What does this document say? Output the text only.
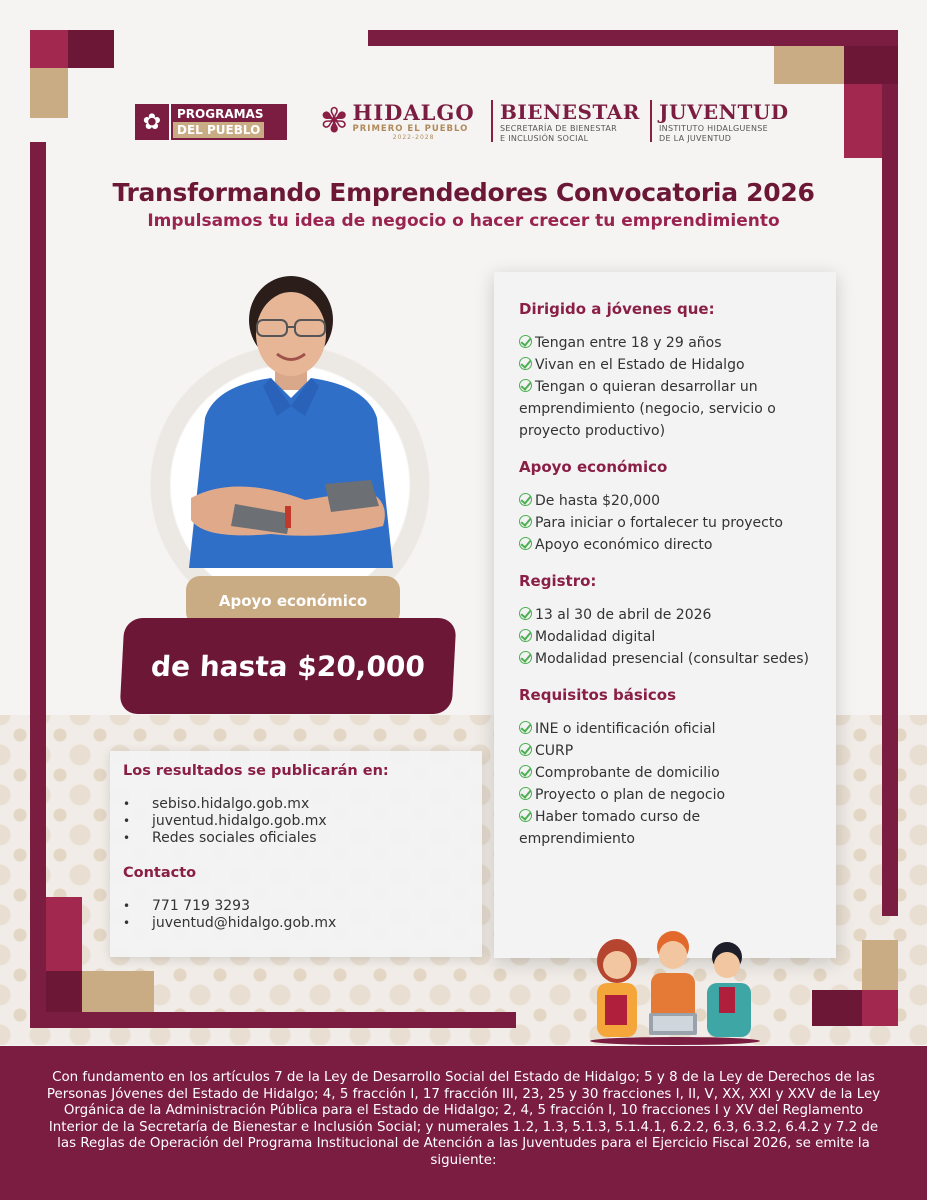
✿	PROGRAMAS
DEL PUEBLO ✾ HIDALGO
PRIMERO EL PUEBLO
2022-2028
BIENESTAR
SECRETARÍA DE BIENESTAR
E INCLUSIÓN SOCIAL
JUVENTUD
INSTITUTO HIDALGUENSE
DE LA JUVENTUD
Transformando Emprendedores Convocatoria 2026
Impulsamos tu idea de negocio o hacer crecer tu emprendimiento
Apoyo económico
de hasta $20,000
Dirigido a jóvenes que:
Tengan entre 18 y 29 años
Vivan en el Estado de Hidalgo
Tengan o quieran desarrollar un emprendimiento (negocio, servicio o proyecto productivo)
Apoyo económico
De hasta $20,000
Para iniciar o fortalecer tu proyecto
Apoyo económico directo
Registro:
13 al 30 de abril de 2026
Modalidad digital
Modalidad presencial (consultar sedes)
Requisitos básicos
INE o identificación oficial
CURP
Comprobante de domicilio
Proyecto o plan de negocio
Haber tomado curso de emprendimiento
Los resultados se publicarán en:
• sebiso.hidalgo.gob.mx
• juventud.hidalgo.gob.mx
• Redes sociales oficiales
Contacto
• 771 719 3293
• juventud@hidalgo.gob.mx

Con fundamento en los artículos 7 de la Ley de Desarrollo Social del Estado de Hidalgo; 5 y 8 de la Ley de Derechos de las Personas Jóvenes del Estado de Hidalgo; 4, 5 fracción I, 17 fracción III, 23, 25 y 30 fracciones I, II, V, XX, XXI y XXV de la Ley Orgánica de la Administración Pública para el Estado de Hidalgo; 2, 4, 5 fracción I, 10 fracciones I y XV del Reglamento Interior de la Secretaría de Bienestar e Inclusión Social; y numerales 1.2, 1.3, 5.1.3, 5.1.4.1, 6.2.2, 6.3, 6.3.2, 6.4.2 y 7.2 de las Reglas de Operación del Programa Institucional de Atención a las Juventudes para el Ejercicio Fiscal 2026, se emite la siguiente:
